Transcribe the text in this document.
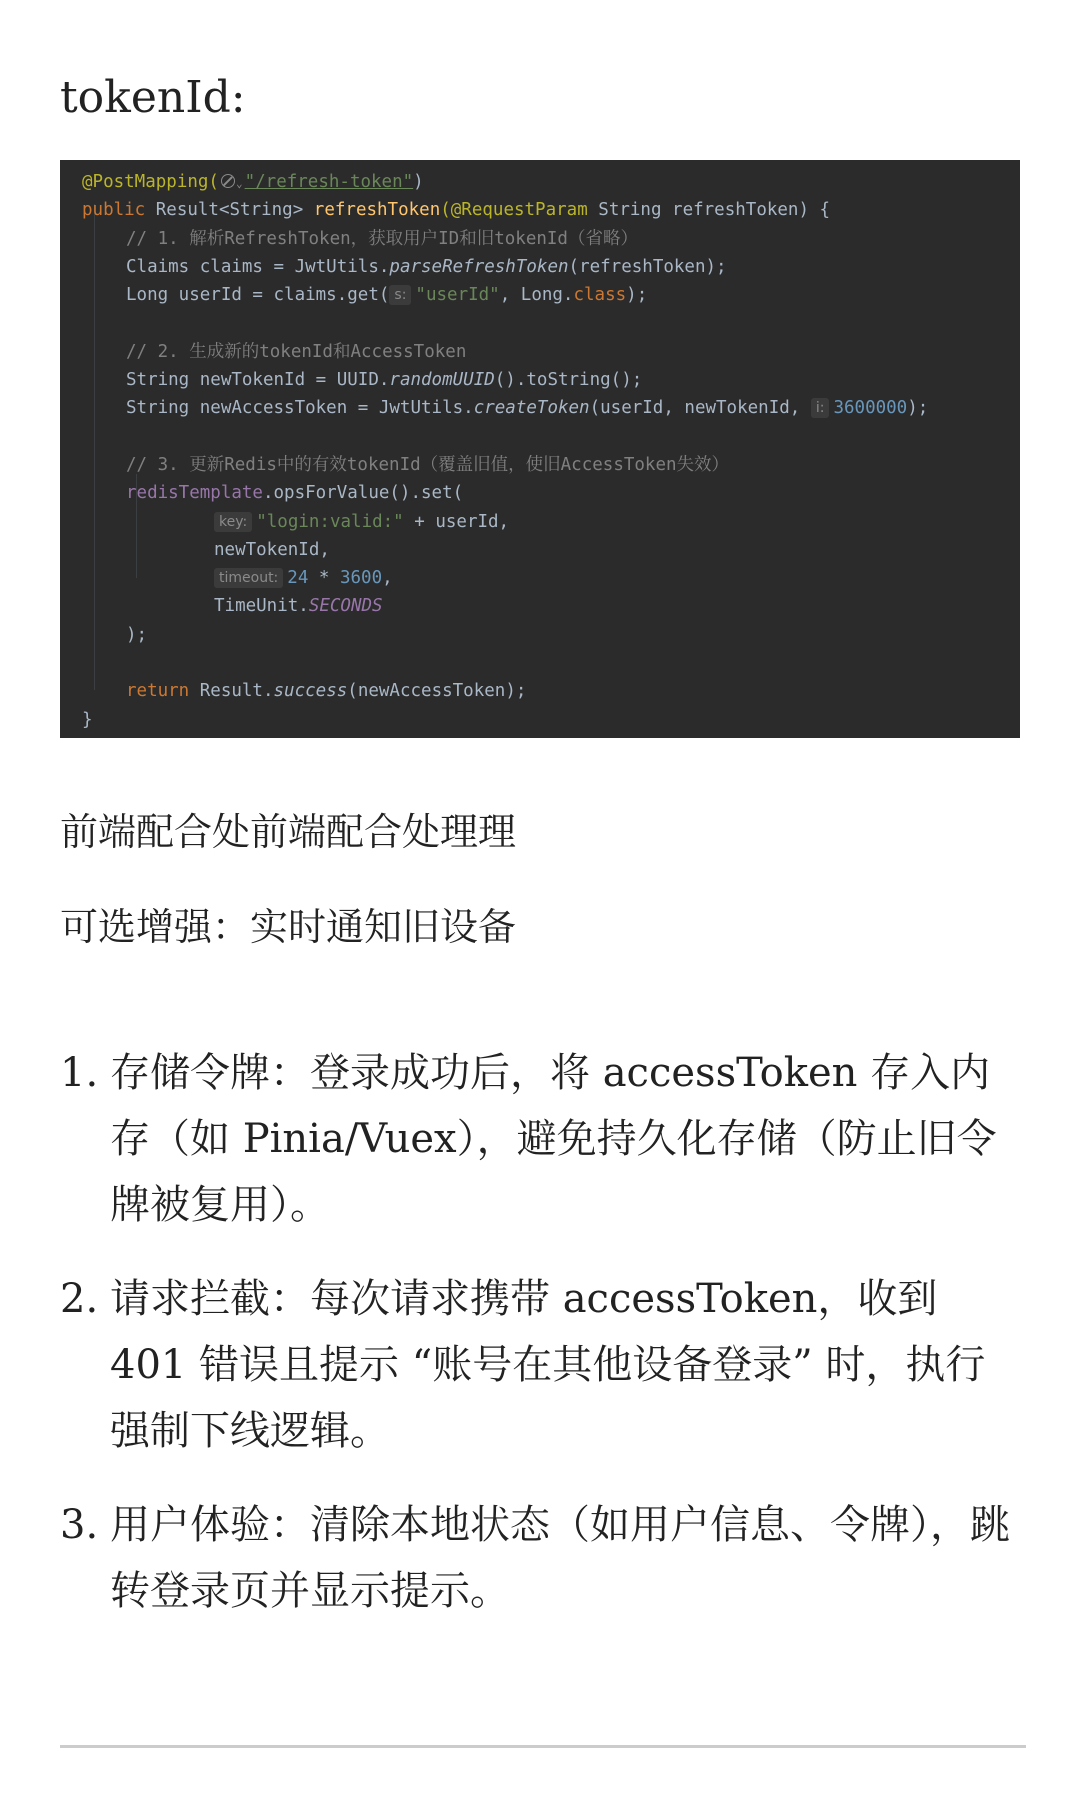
tokenId:

@PostMapping( ⌄ "/refresh-token")

public Result<String> refreshToken(@RequestParam String refreshToken) {

// 1. 解析RefreshToken，获取用户ID和旧tokenId（省略）

Claims claims = JwtUtils.parseRefreshToken(refreshToken);

Long userId = claims.get( s: "userId", Long.class);

// 2. 生成新的tokenId和AccessToken

String newTokenId = UUID.randomUUID().toString();

String newAccessToken = JwtUtils.createToken(userId, newTokenId, i: 3600000);

// 3. 更新Redis中的有效tokenId（覆盖旧值，使旧AccessToken失效）

redisTemplate.opsForValue().set(

key: "login:valid:" + userId,

newTokenId,

timeout: 24 * 3600,

TimeUnit.SECONDS

);

return Result.success(newAccessToken);

}

前端配合处前端配合处理理
可选增强：实时通知旧设备
1. 存储令牌：登录成功后，将 accessToken 存入内存（如 Pinia/Vuex），避免持久化存储（防止旧令牌被复用）。
2. 请求拦截：每次请求携带 accessToken，收到 401 错误且提示 “账号在其他设备登录” 时，执行强制下线逻辑。
3. 用户体验：清除本地状态（如用户信息、令牌），跳转登录页并显示提示。
